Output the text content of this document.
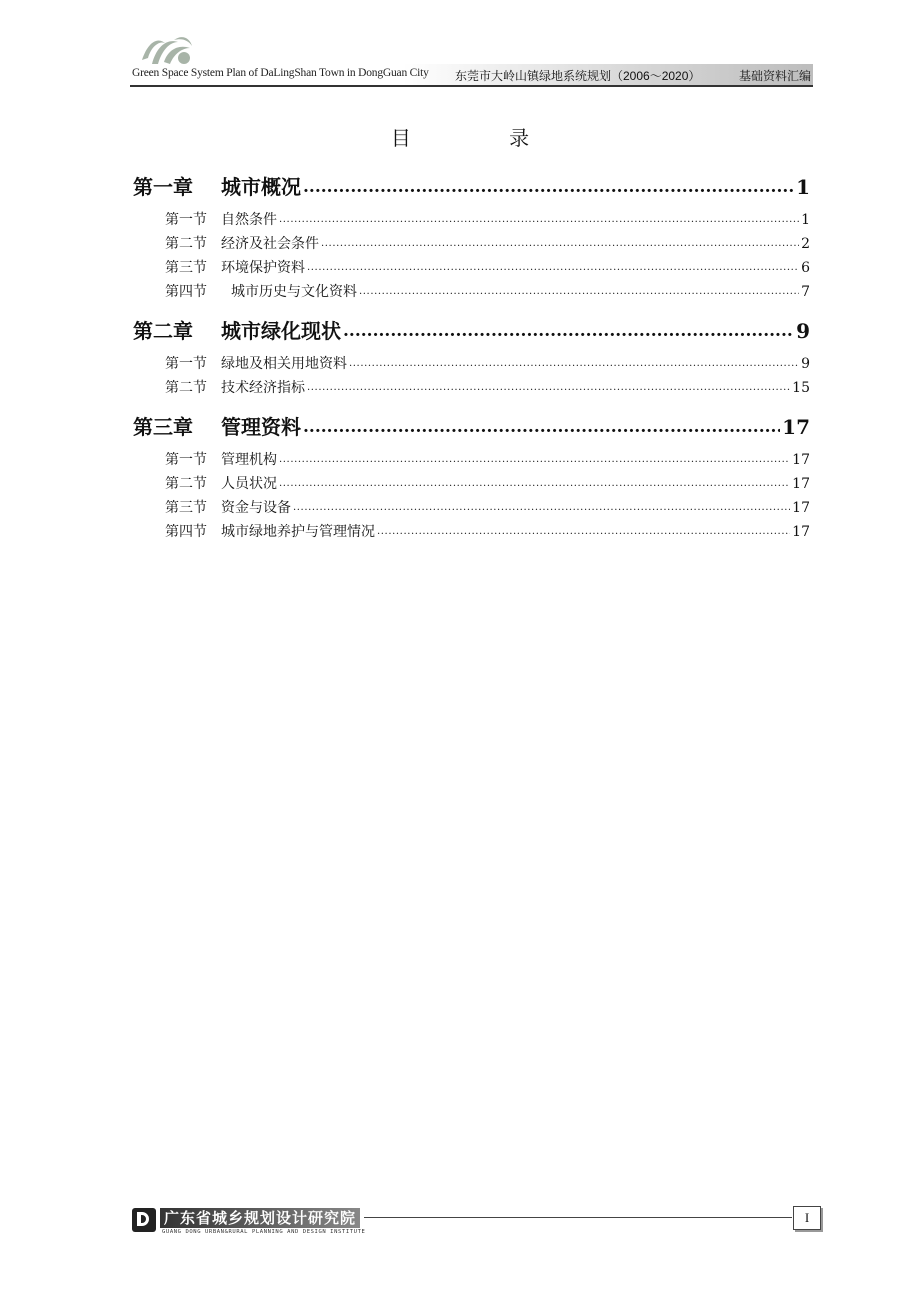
Green Space System Plan of DaLingShan Town in DongGuan City 东莞市大岭山镇绿地系统规划（2006～2020）	基础资料汇编
目 录
第一章	城市概况 .....	1
第一节	自然条件 .....	1
第二节	经济及社会条件 .....	2
第三节	环境保护资料 .....	6
第四节	城市历史与文化资料 .....	7
第二章	城市绿化现状 .....	9
第一节	绿地及相关用地资料 .....	9
第二节	技术经济指标 .....	15
第三章	管理资料 .....	17
第一节	管理机构 .....	17
第二节	人员状况 .....	17
第三节	资金与设备 .....	17
第四节	城市绿地养护与管理情况 .....	17
广东省城乡规划设计研究院
GUANG DONG URBAN&RURAL PLANNING AND DESIGN INSTITUTE
I
